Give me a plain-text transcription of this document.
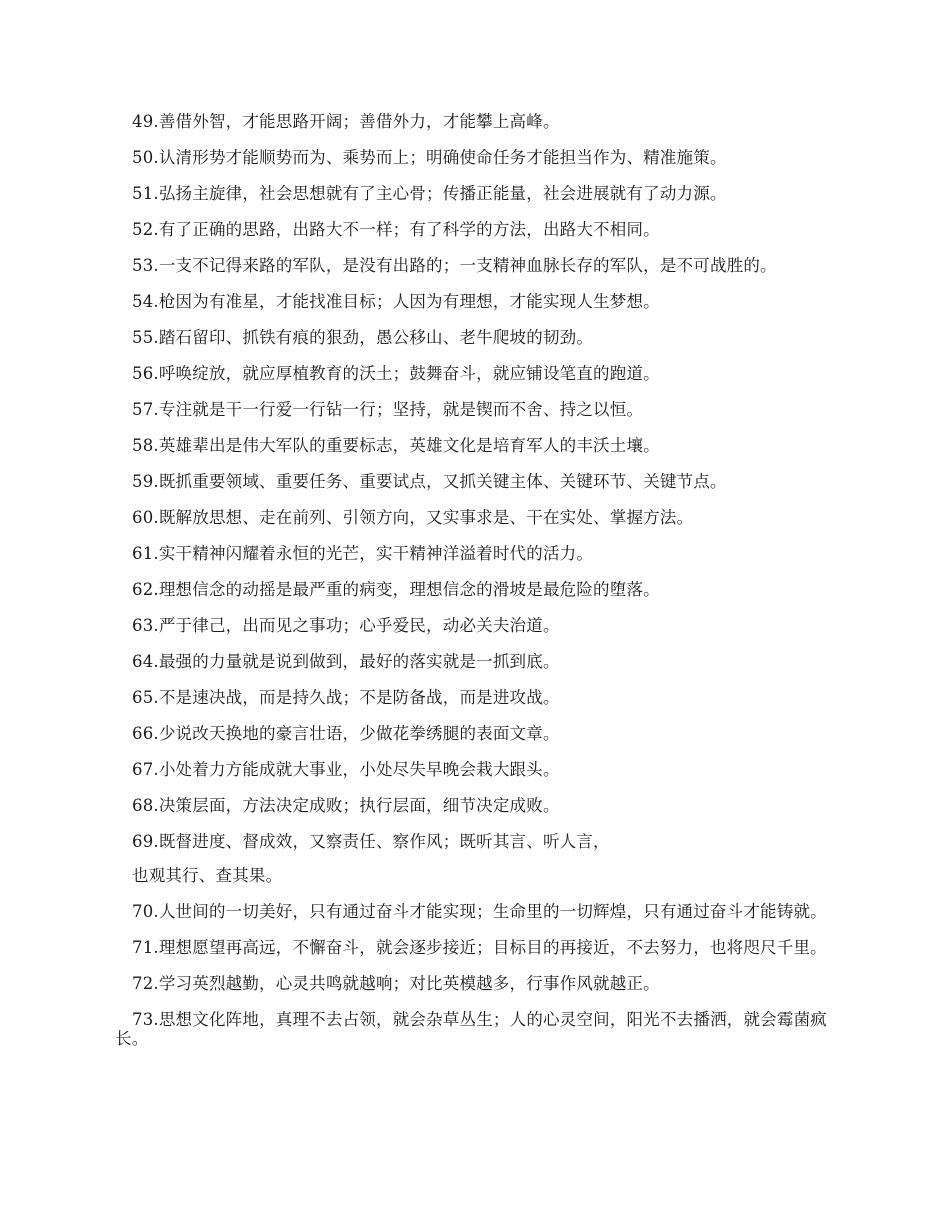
49.善借外智，才能思路开阔；善借外力，才能攀上高峰。

50.认清形势才能顺势而为、乘势而上；明确使命任务才能担当作为、精准施策。

51.弘扬主旋律，社会思想就有了主心骨；传播正能量，社会进展就有了动力源。

52.有了正确的思路，出路大不一样；有了科学的方法，出路大不相同。

53.一支不记得来路的军队，是没有出路的；一支精神血脉长存的军队，是不可战胜的。

54.枪因为有准星，才能找准目标；人因为有理想，才能实现人生梦想。

55.踏石留印、抓铁有痕的狠劲，愚公移山、老牛爬坡的韧劲。

56.呼唤绽放，就应厚植教育的沃土；鼓舞奋斗，就应铺设笔直的跑道。

57.专注就是干一行爱一行钻一行；坚持，就是锲而不舍、持之以恒。

58.英雄辈出是伟大军队的重要标志，英雄文化是培育军人的丰沃土壤。

59.既抓重要领域、重要任务、重要试点，又抓关键主体、关键环节、关键节点。

60.既解放思想、走在前列、引领方向，又实事求是、干在实处、掌握方法。

61.实干精神闪耀着永恒的光芒，实干精神洋溢着时代的活力。

62.理想信念的动摇是最严重的病变，理想信念的滑坡是最危险的堕落。

63.严于律己，出而见之事功；心乎爱民，动必关夫治道。

64.最强的力量就是说到做到，最好的落实就是一抓到底。

65.不是速决战，而是持久战；不是防备战，而是进攻战。

66.少说改天换地的豪言壮语，少做花拳绣腿的表面文章。

67.小处着力方能成就大事业，小处尽失早晚会栽大跟头。

68.决策层面，方法决定成败；执行层面，细节决定成败。

69.既督进度、督成效，又察责任、察作风；既听其言、听人言，

也观其行、查其果。

70.人世间的一切美好，只有通过奋斗才能实现；生命里的一切辉煌，只有通过奋斗才能铸就。

71.理想愿望再高远，不懈奋斗，就会逐步接近；目标目的再接近，不去努力，也将咫尺千里。

72.学习英烈越勤，心灵共鸣就越响；对比英模越多，行事作风就越正。

73.思想文化阵地，真理不去占领，就会杂草丛生；人的心灵空间，阳光不去播洒，就会霉菌疯长。
